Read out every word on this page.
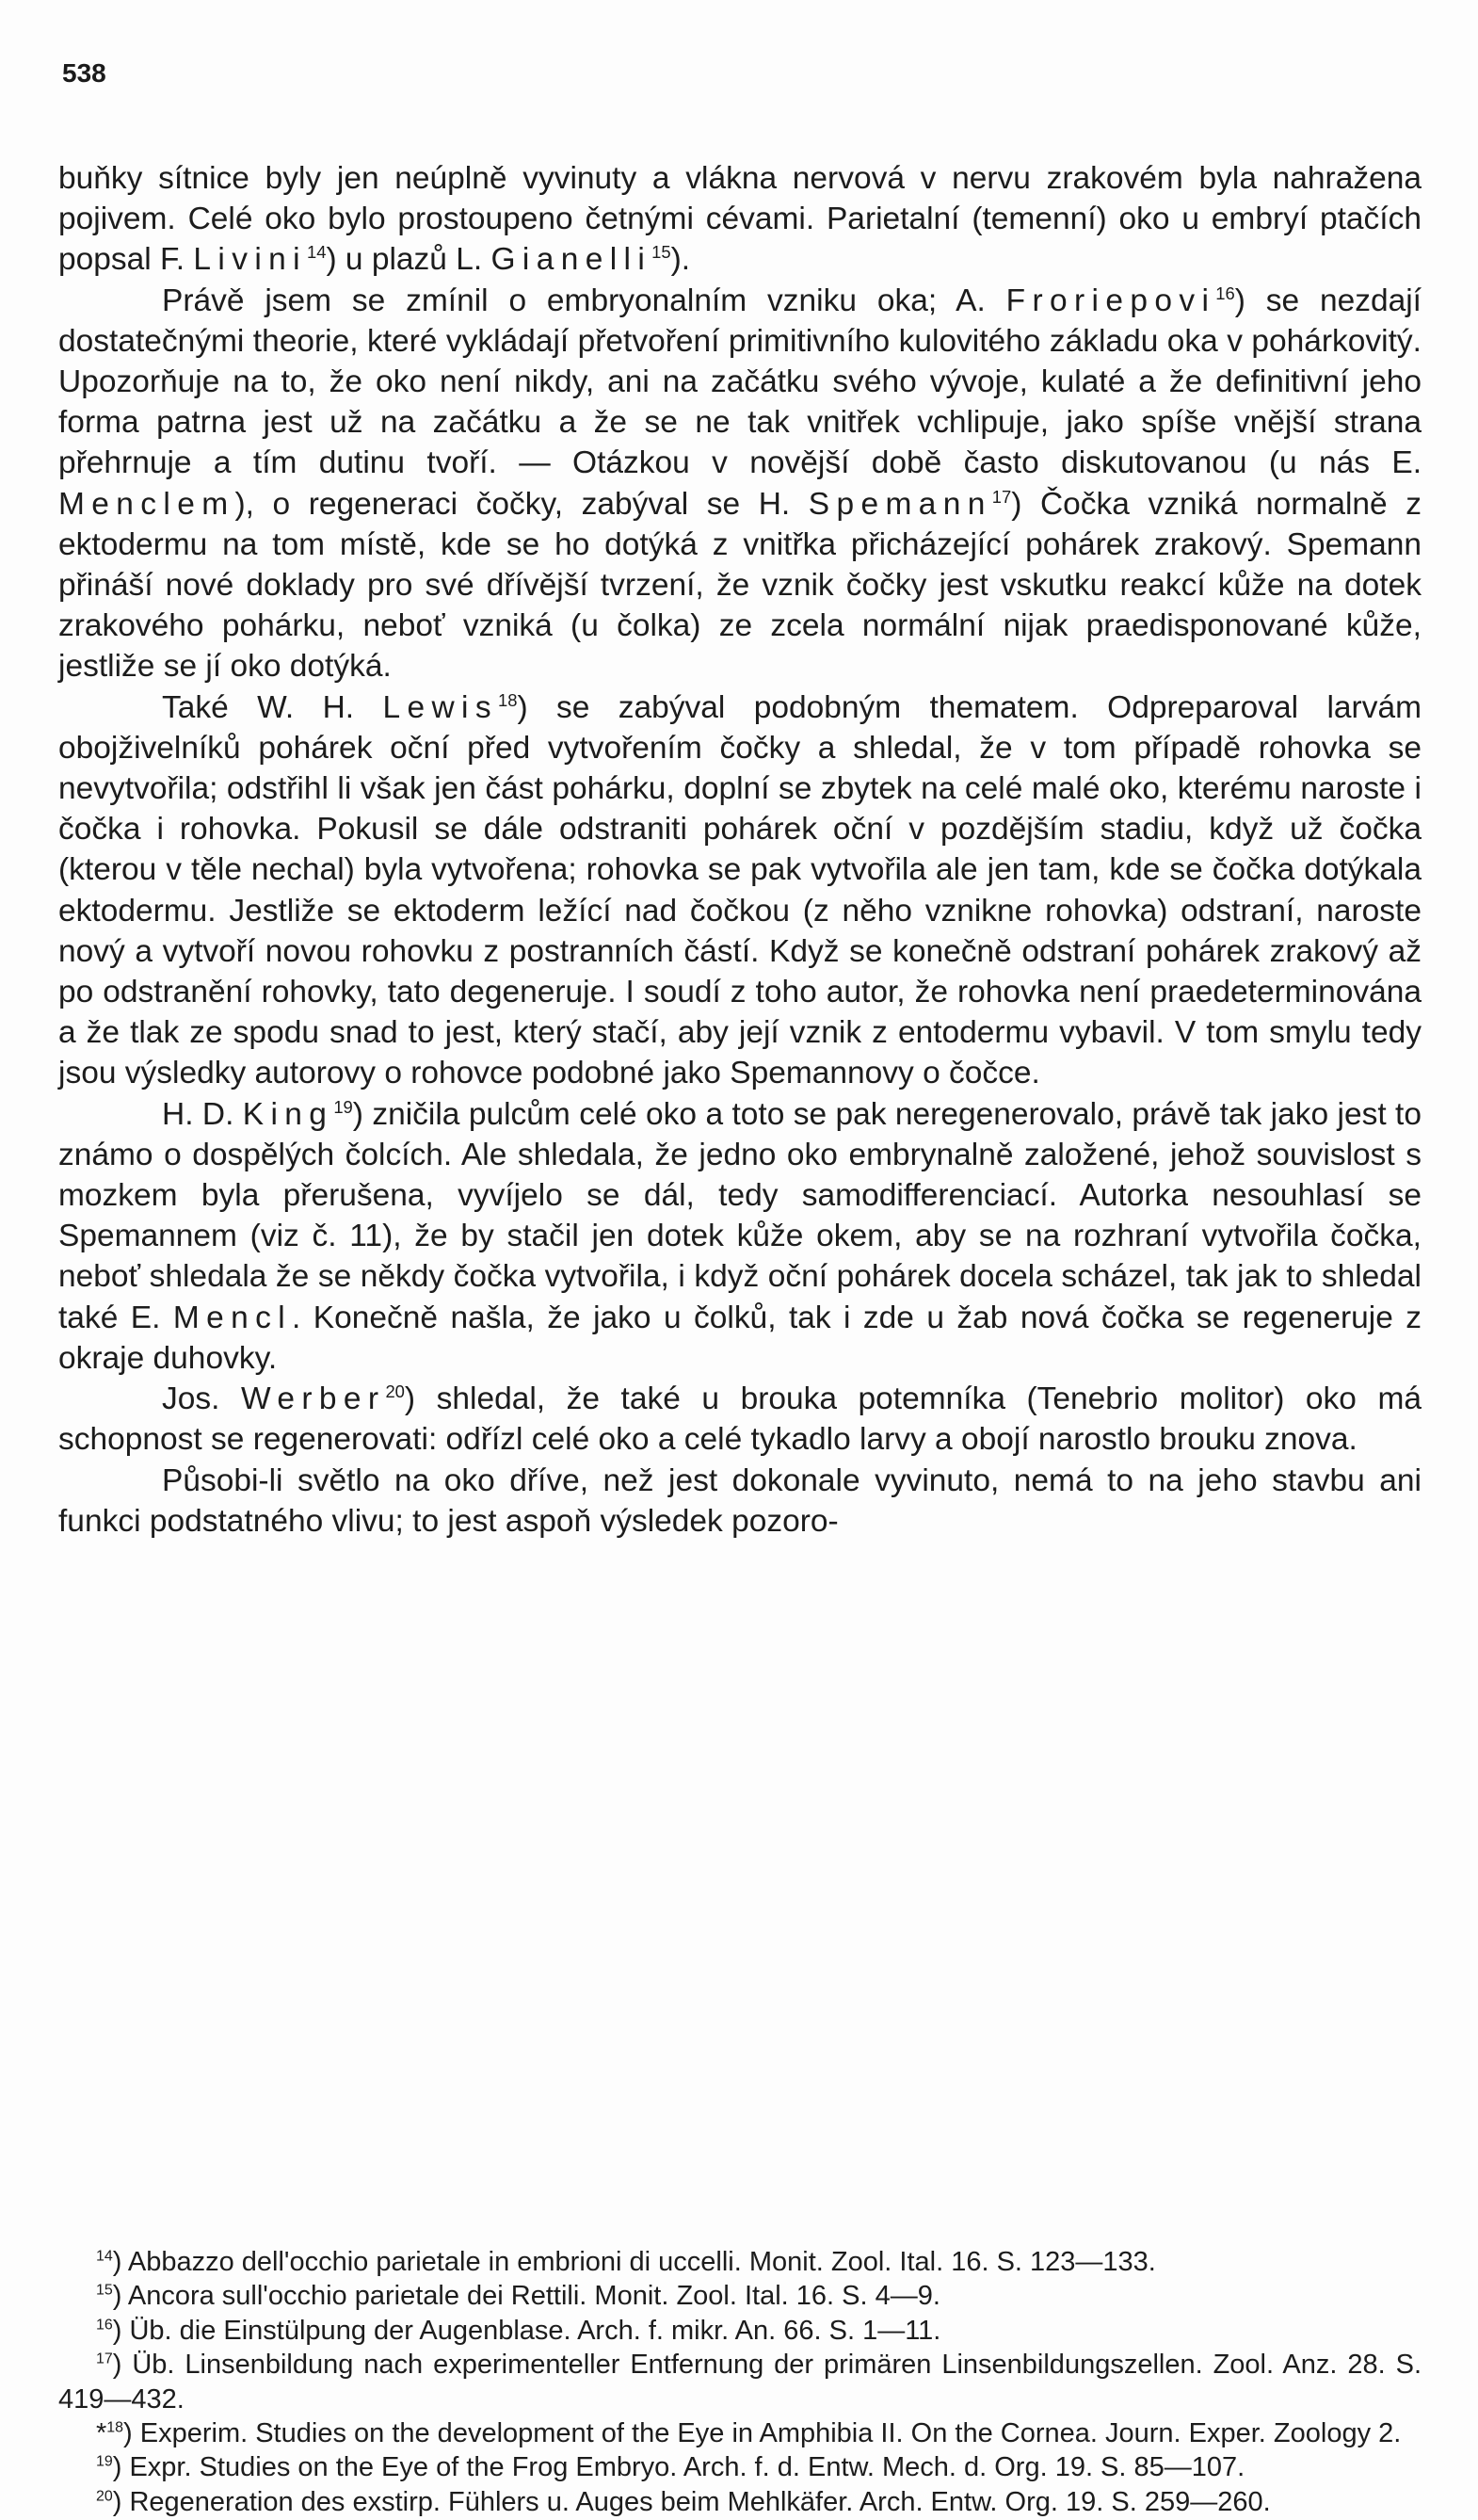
538

buňky sítnice byly jen neúplně vyvinuty a vlákna nervová v nervu zrakovém byla nahražena pojivem. Celé oko bylo prostoupeno četnými cévami. Parietalní (temenní) oko u embryí ptačích popsal F. Livini$^{14}$) u plazů L. Gianelli$^{15}$).

Právě jsem se zmínil o embryonalním vzniku oka; A. Froriepovi$^{16}$) se nezdají dostatečnými theorie, které vykládají přetvoření primitivního kulovitého základu oka v pohárkovitý. Upozorňuje na to, že oko není nikdy, ani na začátku svého vývoje, kulaté a že definitivní jeho forma patrna jest už na začátku a že se ne tak vnitřek vchlipuje, jako spíše vnější strana přehrnuje a tím dutinu tvoří. — Otázkou v novější době často diskutovanou (u nás E. Menclem), o regeneraci čočky, zabýval se H. Spemann$^{17}$) Čočka vzniká normalně z ektodermu na tom místě, kde se ho dotýká z vnitřka přicházející pohárek zrakový. Spemann přináší nové doklady pro své dřívější tvrzení, že vznik čočky jest vskutku reakcí kůže na dotek zrakového pohárku, neboť vzniká (u čolka) ze zcela normální nijak praedisponované kůže, jestliže se jí oko dotýká.

Také W. H. Lewis$^{18}$) se zabýval podobným thematem. Odpreparoval larvám obojživelníků pohárek oční před vytvořením čočky a shledal, že v tom případě rohovka se nevytvořila; odstřihl li však jen část pohárku, doplní se zbytek na celé malé oko, kterému naroste i čočka i rohovka. Pokusil se dále odstraniti pohárek oční v pozdějším stadiu, když už čočka (kterou v těle nechal) byla vytvořena; rohovka se pak vytvořila ale jen tam, kde se čočka dotýkala ektodermu. Jestliže se ektoderm ležící nad čočkou (z něho vznikne rohovka) odstraní, naroste nový a vytvoří novou rohovku z postranních částí. Když se konečně odstraní pohárek zrakový až po odstranění rohovky, tato degeneruje. I soudí z toho autor, že rohovka není praedeterminována a že tlak ze spodu snad to jest, který stačí, aby její vznik z entodermu vybavil. V tom smylu tedy jsou výsledky autorovy o rohovce podobné jako Spemannovy o čočce.

H. D. King$^{19}$) zničila pulcům celé oko a toto se pak neregenerovalo, právě tak jako jest to známo o dospělých čolcích. Ale shledala, že jedno oko embrynalně založené, jehož souvislost s mozkem byla přerušena, vyvíjelo se dál, tedy samodifferenciací. Autorka nesouhlasí se Spemannem (viz č. 11), že by stačil jen dotek kůže okem, aby se na rozhraní vytvořila čočka, neboť shledala že se někdy čočka vytvořila, i když oční pohárek docela scházel, tak jak to shledal také E. Mencl. Konečně našla, že jako u čolků, tak i zde u žab nová čočka se regeneruje z okraje duhovky.

Jos. Werber$^{20}$) shledal, že také u brouka potemníka (Tenebrio molitor) oko má schopnost se regenerovati: odřízl celé oko a celé tykadlo larvy a obojí narostlo brouku znova.

Působi-li světlo na oko dříve, než jest dokonale vyvinuto, nemá to na jeho stavbu ani funkci podstatného vlivu; to jest aspoň výsledek pozoro-

$^{14}$) Abbazzo dell'occhio parietale in embrioni di uccelli. Monit. Zool. Ital. 16. S. 123—133.

$^{15}$) Ancora sull'occhio parietale dei Rettili. Monit. Zool. Ital. 16. S. 4—9.

$^{16}$) Üb. die Einstülpung der Augenblase. Arch. f. mikr. An. 66. S. 1—11.

$^{17}$) Üb. Linsenbildung nach experimenteller Entfernung der primären Linsenbildungszellen. Zool. Anz. 28. S. 419—432.

*$^{18}$) Experim. Studies on the development of the Eye in Amphibia II. On the Cornea. Journ. Exper. Zoology 2.

$^{19}$) Expr. Studies on the Eye of the Frog Embryo. Arch. f. d. Entw. Mech. d. Org. 19. S. 85—107.

$^{20}$) Regeneration des exstirp. Fühlers u. Auges beim Mehlkäfer. Arch. Entw. Org. 19. S. 259—260.
